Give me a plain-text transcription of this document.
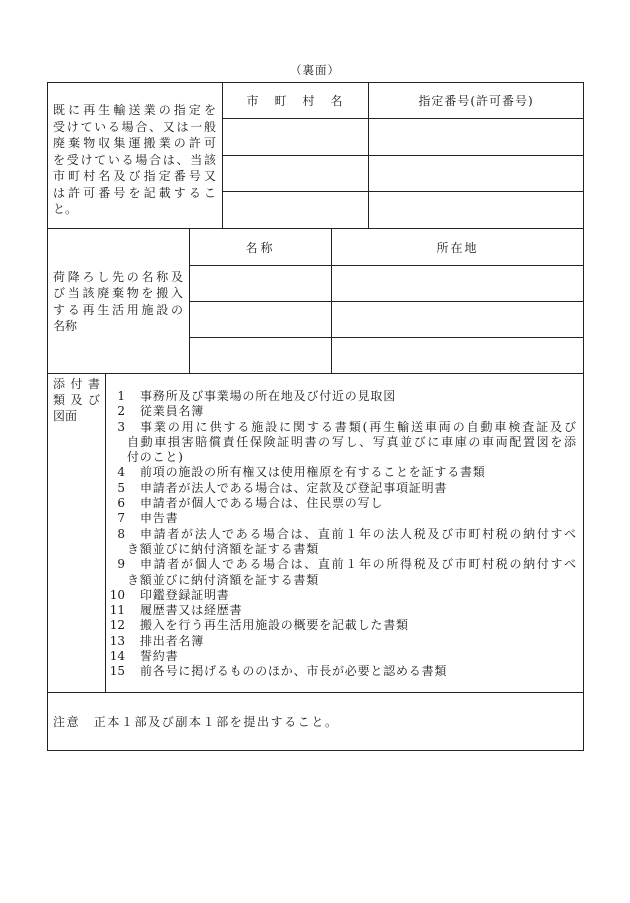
（裏面）
既に再生輸送業の指定を
受けている場合、又は一般
廃棄物収集運搬業の許可
を受けている場合は、当該
市町村名及び指定番号又
は許可番号を記載するこ
と。
市　町　村　名	指定番号(許可番号)
荷降ろし先の名称及
び当該廃棄物を搬入
する再生活用施設の
名称
名称	所在地
添付書
類及び
図面
1 事務所及び事業場の所在地及び付近の見取図
2 従業員名簿
3 事業の用に供する施設に関する書類(再生輸送車両の自動車検査証及び
自動車損害賠償責任保険証明書の写し、写真並びに車庫の車両配置図を添
付のこと)
4 前項の施設の所有権又は使用権原を有することを証する書類
5 申請者が法人である場合は、定款及び登記事項証明書
6 申請者が個人である場合は、住民票の写し
7 申告書
8 申請者が法人である場合は、直前１年の法人税及び市町村税の納付すべ
き額並びに納付済額を証する書類
9 申請者が個人である場合は、直前１年の所得税及び市町村税の納付すべ
き額並びに納付済額を証する書類
10 印鑑登録証明書
11 履歴書又は経歴書
12 搬入を行う再生活用施設の概要を記載した書類
13 排出者名簿
14 誓約書
15 前各号に掲げるもののほか、市長が必要と認める書類
注意　正本１部及び副本１部を提出すること。
